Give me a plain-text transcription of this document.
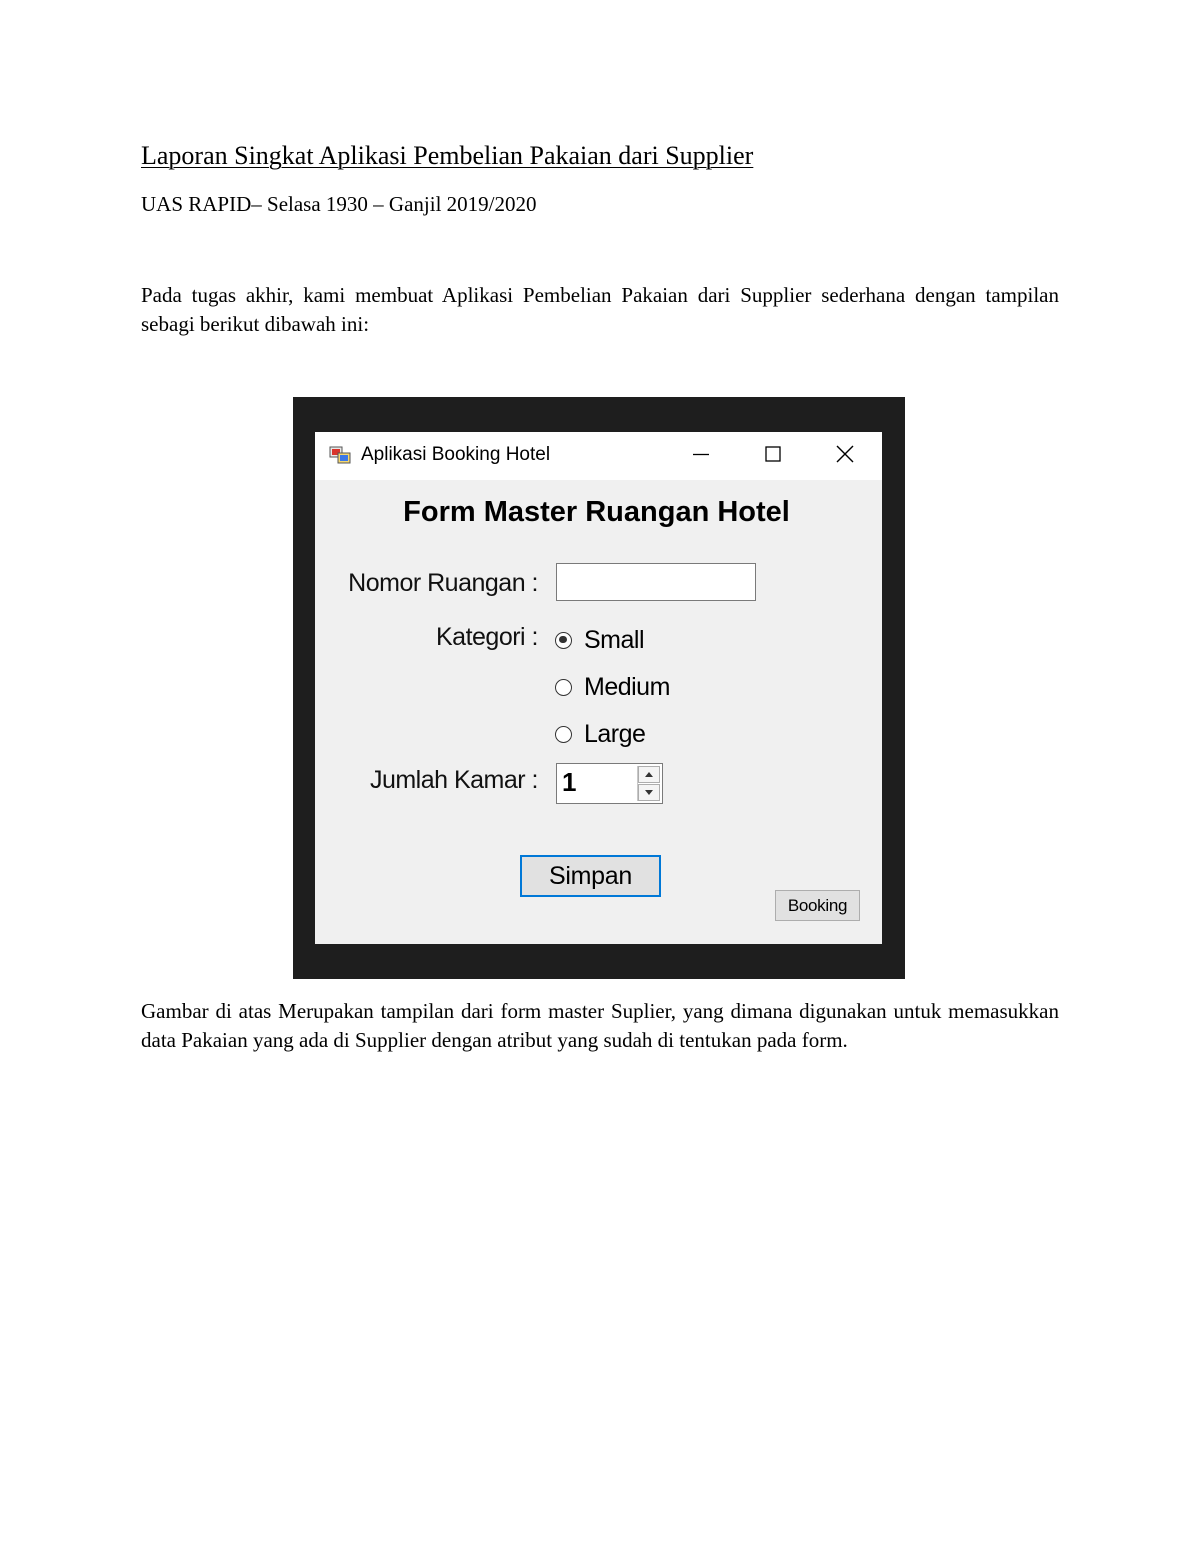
Laporan Singkat Aplikasi Pembelian Pakaian dari Supplier
UAS RAPID– Selasa 1930 – Ganjil 2019/2020
Pada tugas akhir, kami membuat Aplikasi Pembelian Pakaian dari Supplier sederhana dengan tampilan sebagi berikut dibawah ini:
Aplikasi Booking Hotel
Form Master Ruangan Hotel
Nomor Ruangan :
Kategori : Small
Medium
Large
Jumlah Kamar : 1
Simpan
Booking
Gambar di atas Merupakan tampilan dari form master Suplier, yang dimana digunakan untuk memasukkan data Pakaian yang ada di Supplier dengan atribut yang sudah di tentukan pada form.
